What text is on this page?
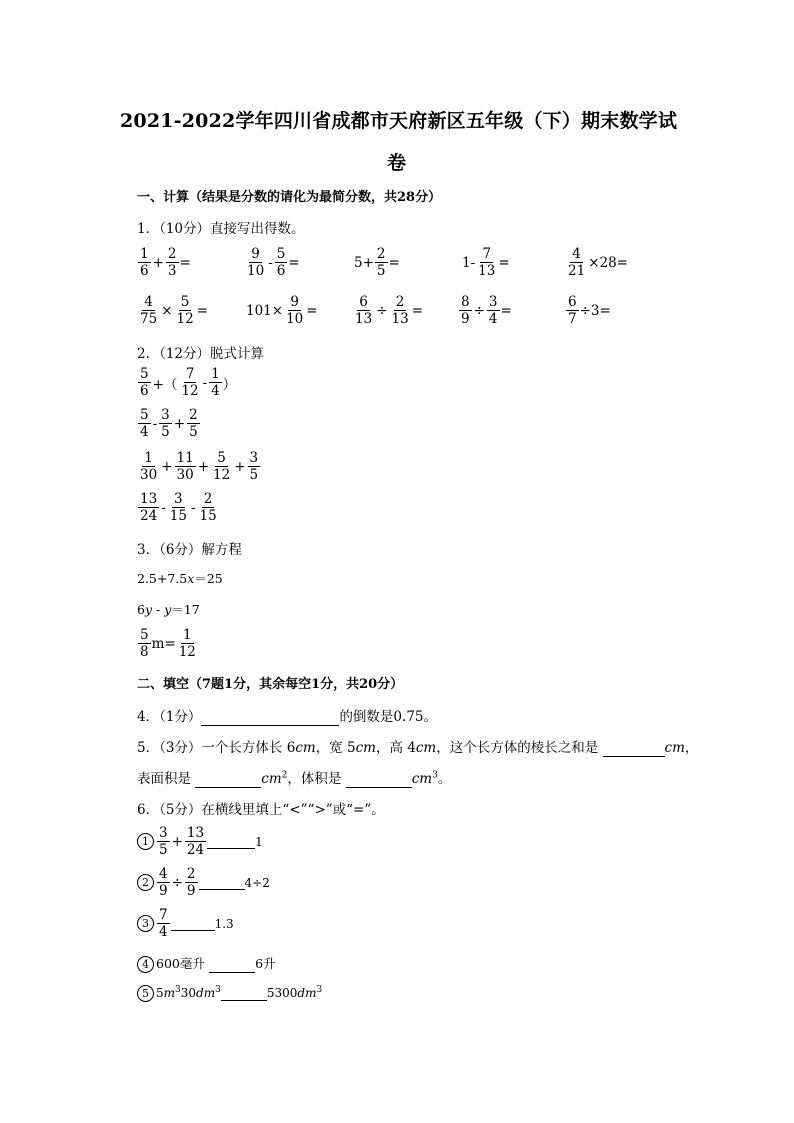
2021-2022学年四川省成都市天府新区五年级（下）期末数学试
卷
一、计算（结果是分数的请化为最简分数，共28分）
1．（10分）直接写出得数。
$\frac{1}{6} + \frac{2}{3}$ =	$\frac{9}{10} - \frac{5}{6}$ =	$5+ \frac{2}{5}$ =	$1- \frac{7}{13}$ =	$\frac{4}{21} \times 28=$
$\frac{4}{75} \times \frac{5}{12}$ =	$101\times \frac{9}{10}$ =	$\frac{6}{13} \div \frac{2}{13}$ =	$\frac{8}{9} \div \frac{3}{4}$ =	$\frac{6}{7} \div 3=$
2．（12分）脱式计算
$\frac{5}{6}$ +（ $\frac{7}{12} - \frac{1}{4}$ ）
$\frac{5}{4} - \frac{3}{5} + \frac{2}{5}$
$\frac{1}{30} + \frac{11}{30} + \frac{5}{12} + \frac{3}{5}$
$\frac{13}{24} - \frac{3}{15} - \frac{2}{15}$
3．（6分）解方程
2.5+7.5x＝25
6y - y＝17
$\frac{5}{8} m= \frac{1}{12}$
二、填空（7题1分，其余每空1分，共20分）
4．（1分）	的倒数是0.75。
5．（3分）一个长方体长 6cm，宽 5cm，高 4cm，这个长方体的棱长之和是	cm，
表面积是	$cm^2$，体积是	$cm^3$。
6．（5分）在横线里填上“<”“>”或“=”。
$1 \frac{3}{5} + \frac{13}{24}$	1
$2 \frac{4}{9} \div \frac{2}{9}$	4÷2
$3 \frac{7}{4}$	1.3
4 600毫升	6升
5 $5m^330dm^3$	$5300dm^3$
